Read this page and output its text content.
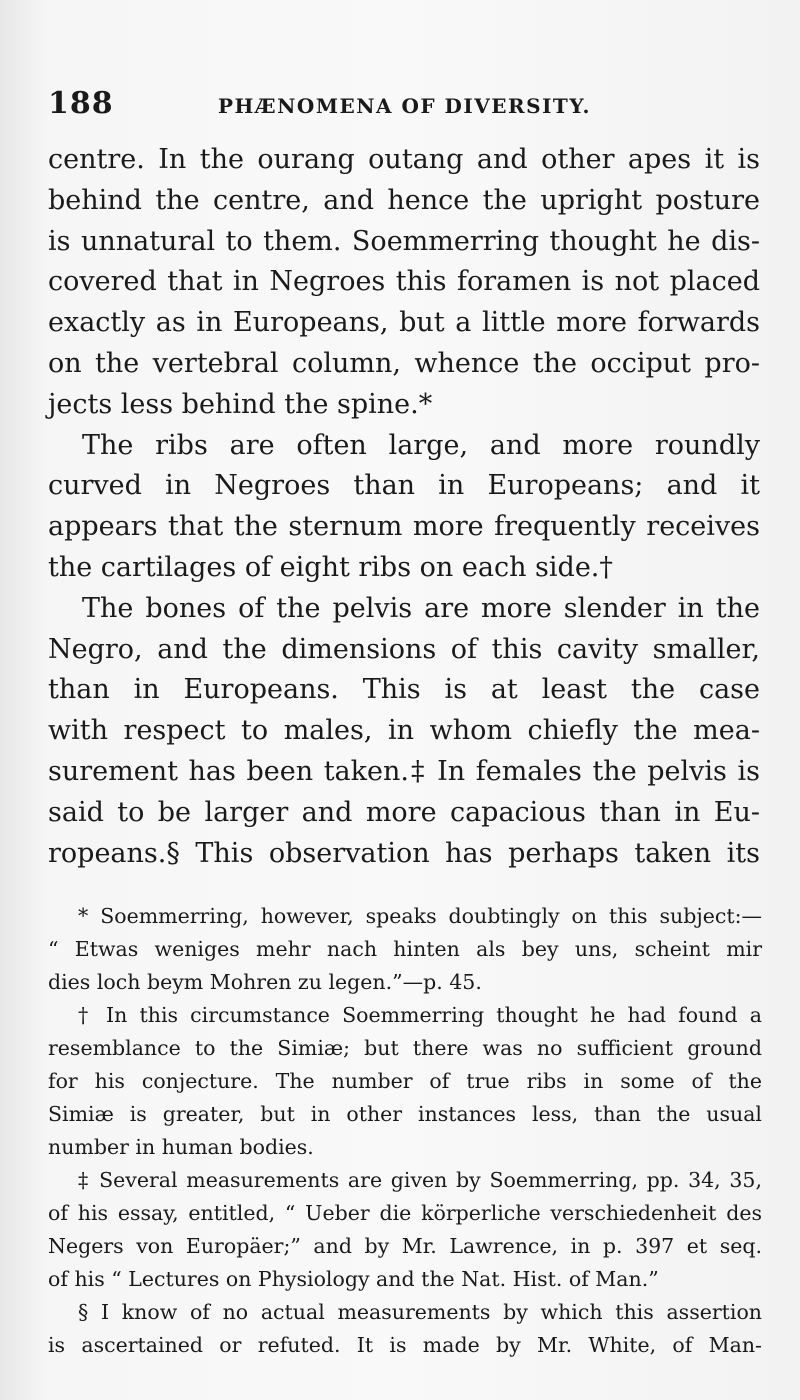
188	PHÆNOMENA OF DIVERSITY.
centre. In the ourang outang and other apes it is
behind the centre, and hence the upright posture
is unnatural to them. Soemmerring thought he dis-
covered that in Negroes this foramen is not placed
exactly as in Europeans, but a little more forwards
on the vertebral column, whence the occiput pro-
jects less behind the spine.*
The ribs are often large, and more roundly
curved in Negroes than in Europeans; and it
appears that the sternum more frequently receives
the cartilages of eight ribs on each side.†
The bones of the pelvis are more slender in the
Negro, and the dimensions of this cavity smaller,
than in Europeans. This is at least the case
with respect to males, in whom chiefly the mea-
surement has been taken.‡ In females the pelvis is
said to be larger and more capacious than in Eu-
ropeans.§ This observation has perhaps taken its
* Soemmerring, however, speaks doubtingly on this subject:—
“ Etwas weniges mehr nach hinten als bey uns, scheint mir
dies loch beym Mohren zu legen.”—p. 45.
† In this circumstance Soemmerring thought he had found a
resemblance to the Simiæ; but there was no sufficient ground
for his conjecture. The number of true ribs in some of the
Simiæ is greater, but in other instances less, than the usual
number in human bodies.
‡ Several measurements are given by Soemmerring, pp. 34, 35,
of his essay, entitled, “ Ueber die körperliche verschiedenheit des
Negers von Europäer;” and by Mr. Lawrence, in p. 397 et seq.
of his “ Lectures on Physiology and the Nat. Hist. of Man.”
§ I know of no actual measurements by which this assertion
is ascertained or refuted. It is made by Mr. White, of Man-
